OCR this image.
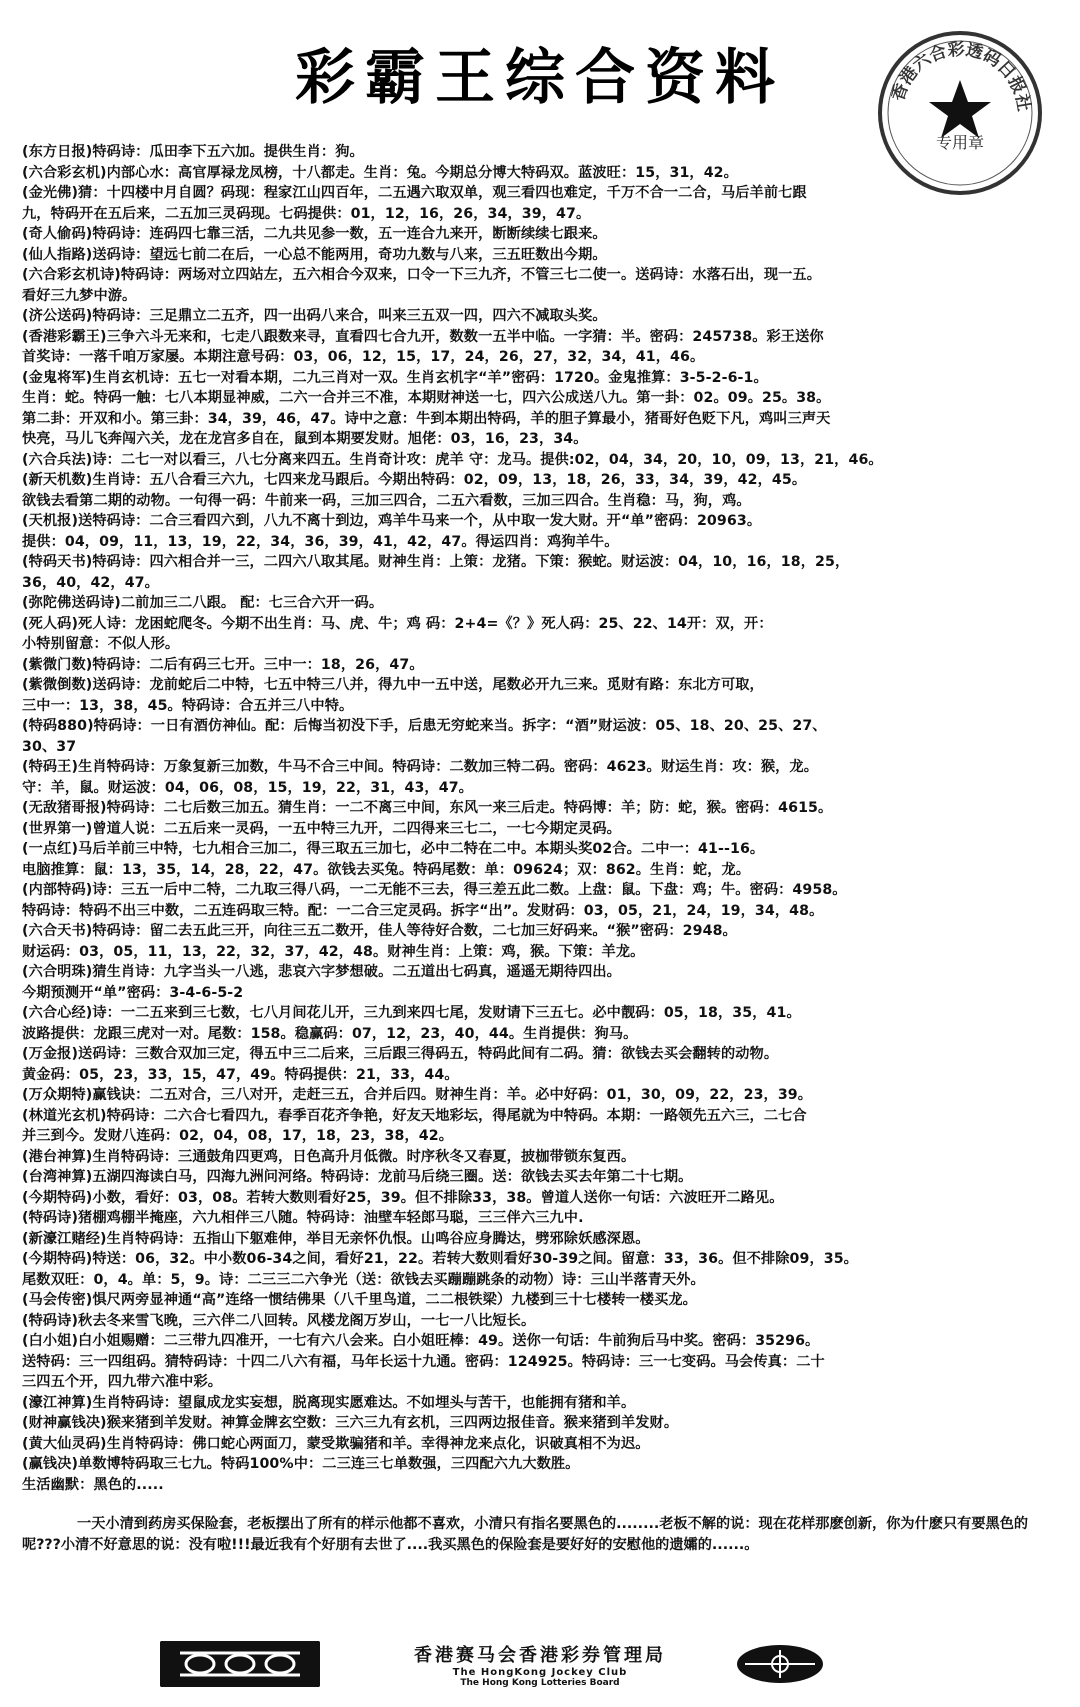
彩霸王综合资料	香港六合彩透码日报社
专用章
(东方日报)特码诗：瓜田李下五六加。提供生肖：狗。
(六合彩玄机)内部心水：高官厚禄龙凤榜，十八都走。生肖：兔。今期总分博大特码双。蓝波旺：15，31，42。
(金光佛)猜：十四楼中月自圆？码现：程家江山四百年，二五遇六取双单，观三看四也难定，千万不合一二合，马后羊前七跟
九，特码开在五后来，二五加三灵码现。七码提供：01，12，16，26，34，39，47。
(奇人偷码)特码诗：连码四七靠三活，二九共见参一数，五一连合九来开，断断续续七跟来。
(仙人指路)送码诗：望远七前二在后，一心总不能两用，奇功九数与八来，三五旺数出今期。
(六合彩玄机诗)特码诗：两场对立四站左，五六相合今双来，口令一下三九齐，不管三七二使一。送码诗：水落石出，现一五。
看好三九梦中游。
(济公送码)特码诗：三足鼎立二五齐，四一出码八来合，叫来三五双一四，四六不减取头奖。
(香港彩霸王)三争六斗无来和，七走八跟数来寻，直看四七合九开，数数一五半中临。一字猜：半。密码：245738。彩王送你
首奖诗：一落千咱万家屡。本期注意号码：03，06，12，15，17，24，26，27，32，34，41，46。
(金鬼将军)生肖玄机诗：五七一对看本期，二九三肖对一双。生肖玄机字“羊”密码：1720。金鬼推算：3-5-2-6-1。
生肖：蛇。特码一触：七八本期显神威，二六一合并三不准，本期财神送一七，四六公成送八九。第一卦：02。09。25。38。
第二卦：开双和小。第三卦：34，39，46，47。诗中之意：牛到本期出特码，羊的胆子算最小，猪哥好色贬下凡，鸡叫三声天
快亮，马儿飞奔闯六关，龙在龙宫多自在，鼠到本期要发财。旭佬：03，16，23，34。
(六合兵法)诗：二七一对以看三，八七分离来四五。生肖奇计攻：虎羊 守：龙马。提供:02，04，34，20，10，09，13，21，46。
(新天机数)生肖诗：五八合看三六九，七四来龙马跟后。今期出特码：02，09，13，18，26，33，34，39，42，45。
欲钱去看第二期的动物。一句得一码：牛前来一码，三加三四合，二五六看数，三加三四合。生肖稳：马，狗，鸡。
(天机报)送特码诗：二合三看四六到，八九不离十到边，鸡羊牛马来一个，从中取一发大财。开“单”密码：20963。
提供：04，09，11，13，19，22，34，36，39，41，42，47。得运四肖：鸡狗羊牛。
(特码天书)特码诗：四六相合并一三，二四六八取其尾。财神生肖：上策：龙猪。下策：猴蛇。财运波：04，10，16，18，25，
36，40，42，47。
(弥陀佛送码诗)二前加三二八跟。 配：七三合六开一码。
(死人码)死人诗：龙困蛇爬冬。今期不出生肖：马、虎、牛；鸡 码：2+4=《？》死人码：25、22、14开：双，开：
小特别留意：不似人形。
(紫微门数)特码诗：二后有码三七开。三中一：18，26，47。
(紫微倒数)送码诗：龙前蛇后二中特，七五中特三八并，得九中一五中送，尾数必开九三来。觅财有路：东北方可取，
三中一：13，38，45。特码诗：合五并三八中特。
(特码880)特码诗：一日有酒仿神仙。配：后悔当初没下手，后患无穷蛇来当。拆字：“酒”财运波：05、18、20、25、27、
30、37
(特码王)生肖特码诗：万象复新三加数，牛马不合三中间。特码诗：二数加三特二码。密码：4623。财运生肖：攻：猴，龙。
守：羊，鼠。财运波：04，06，08，15，19，22，31，43，47。
(无敌猪哥报)特码诗：二七后数三加五。猜生肖：一二不离三中间，东风一来三后走。特码博：羊；防：蛇，猴。密码：4615。
(世界第一)曾道人说：二五后来一灵码，一五中特三九开，二四得来三七二，一七今期定灵码。
(一点红)马后羊前三中特，七九相合三加二，得三取五三加七，必中二特在二中。本期头奖02合。二中一：41--16。
电脑推算：鼠：13，35，14，28，22，47。欲钱去买兔。特码尾数：单：09624；双：862。生肖：蛇，龙。
(内部特码)诗：三五一后中二特，二九取三得八码，一二无能不三去，得三差五此二数。上盘：鼠。下盘：鸡；牛。密码：4958。
特码诗：特码不出三中数，二五连码取三特。配：一二合三定灵码。拆字“出”。发财码：03，05，21，24，19，34，48。
(六合天书)特码诗：留二去五此三开，向往三五二数开，佳人等待好合数，二七加三好码来。“猴”密码：2948。
财运码：03，05，11，13，22，32，37，42，48。财神生肖：上策：鸡，猴。下策：羊龙。
(六合明珠)猜生肖诗：九字当头一八逃，悲哀六字梦想破。二五道出七码真，遥遥无期待四出。
今期预测开“单”密码：3-4-6-5-2
(六合心经)诗：一二五来到三七数，七八月间花儿开，三九到来四七尾，发财请下三五七。必中靓码：05，18，35，41。
波路提供：龙跟三虎对一对。尾数：158。稳赢码：07，12，23，40，44。生肖提供：狗马。
(万金报)送码诗：三数合双加三定，得五中三二后来，三后跟三得码五，特码此间有二码。猜：欲钱去买会翻转的动物。
黄金码：05，23，33，15，47，49。特码提供：21，33，44。
(万众期特)赢钱诀：二五对合，三八对开，走赶三五，合并后四。财神生肖：羊。必中好码：01，30，09，22，23，39。
(林道光玄机)特码诗：二六合七看四九，春季百花齐争艳，好友天地彩坛，得尾就为中特码。本期：一路领先五六三，二七合
并三到今。发财八连码：02，04，08，17，18，23，38，42。
(港台神算)生肖特码诗：三通鼓角四更鸡，日色高升月低微。时序秋冬又春夏，披枷带锁东复西。
(台湾神算)五湖四海读白马，四海九洲问河络。特码诗：龙前马后绕三圈。送：欲钱去买去年第二十七期。
(今期特码)小数，看好：03，08。若转大数则看好25，39。但不排除33，38。曾道人送你一句话：六波旺开二路见。
(特码诗)猪棚鸡棚半掩座，六九相伴三八随。特码诗：油壁车轻郎马聪，三三伴六三九中.
(新濠江赌经)生肖特码诗：五指山下躯难伸，举目无亲怀仇恨。山鸣谷应身腾达，劈邪除妖感深恩。
(今期特码)特送：06，32。中小数06-34之间，看好21，22。若转大数则看好30-39之间。留意：33，36。但不排除09，35。
尾数双旺：0，4。单：5，9。诗：二三三二六争光（送：欲钱去买蹦蹦跳条的动物）诗：三山半落青天外。
(马会传密)惧尺两旁显神通“高”连络一惯结佛果（八千里鸟道，二二根铁梁）九楼到三十七楼转一楼买龙。
(特码诗)秋去冬来雪飞晚，三六伴二八回转。风楼龙阁万岁山，一七一八比短长。
(白小姐)白小姐赐赠：二三带九四准开，一七有六八会来。白小姐旺棒：49。送你一句话：牛前狗后马中奖。密码：35296。
送特码：三一四组码。猜特码诗：十四二八六有福，马年长运十九通。密码：124925。特码诗：三一七变码。马会传真：二十
三四五个开，四九带六准中彩。
(濠江神算)生肖特码诗：望鼠成龙实妄想，脱离现实愿难达。不如埋头与苦干，也能拥有猪和羊。
(财神赢钱决)猴来猪到羊发财。神算金牌玄空数：三六三九有玄机，三四两边报佳音。猴来猪到羊发财。
(黄大仙灵码)生肖特码诗：佛口蛇心两面刀，蒙受欺骗猪和羊。幸得神龙来点化，识破真相不为迟。
(赢钱决)单数博特码取三七九。特码100%中：二三连三七单数强，三四配六九大数胜。
生活幽默：黑色的.....
一天小清到药房买保险套，老板摆出了所有的样示他都不喜欢，小清只有指名要黑色的........老板不解的说：现在花样那麽创新，你为什麽只有要黑色的呢???小清不好意思的说：没有啦!!!最近我有个好朋有去世了....我买黑色的保险套是要好好的安慰他的遗孀的......。
香港赛马会香港彩券管理局
The HongKong Jockey Club
The Hong Kong Lotteries Board
